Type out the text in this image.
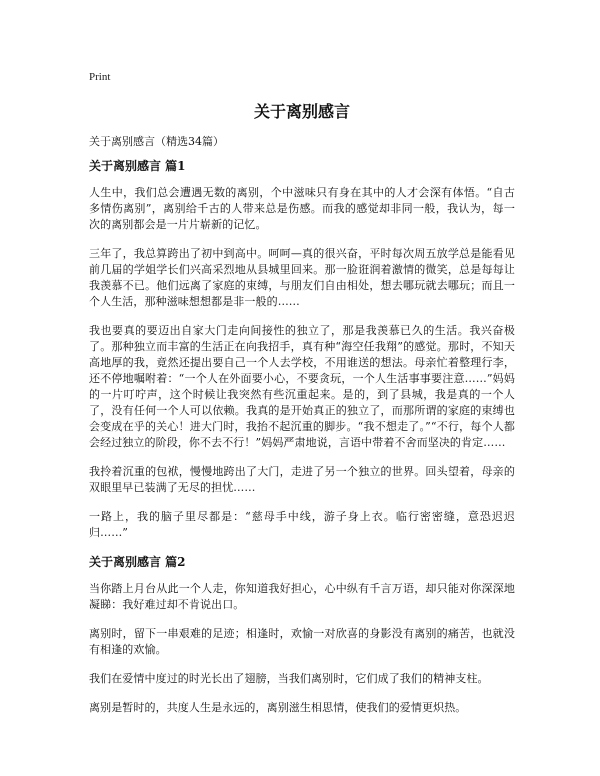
Print
关于离别感言
关于离别感言（精选34篇）
关于离别感言 篇1

人生中，我们总会遭遇无数的离别，个中滋味只有身在其中的人才会深有体悟。“自古多情伤离别”，离别给千古的人带来总是伤感。而我的感觉却非同一般，我认为，每一次的离别都会是一片片崭新的记忆。

三年了，我总算跨出了初中到高中。呵呵—真的很兴奋，平时每次周五放学总是能看见前几届的学姐学长们兴高采烈地从县城里回来。那一脸诳润着激情的微笑，总是每每让我羡慕不已。他们远离了家庭的束缚，与朋友们自由相处，想去哪玩就去哪玩；而且一个人生活，那种滋味想想都是非一般的……

我也要真的要迈出自家大门走向间接性的独立了，那是我羡慕已久的生活。我兴奋极了。那种独立而丰富的生活正在向我招手，真有种“海空任我翔”的感觉。那时，不知天高地厚的我，竟然还提出要自己一个人去学校，不用谁送的想法。母亲忙着整理行李，还不停地嘱咐着：“一个人在外面要小心，不要贪玩，一个人生活事事要注意……”妈妈的一片叮咛声，这个时候让我突然有些沉重起来。是的，到了县城，我是真的一个人了，没有任何一个人可以依赖。我真的是开始真正的独立了，而那所谓的家庭的束缚也会变成在乎的关心！进大门时，我抬不起沉重的脚步。“我不想走了。”“不行，每个人都会经过独立的阶段，你不去不行！”妈妈严肃地说，言语中带着不舍而坚决的肯定……

我拎着沉重的包袱，慢慢地跨出了大门，走进了另一个独立的世界。回头望着，母亲的双眼里早已装满了无尽的担忧……

一路上，我的脑子里尽都是：“慈母手中线，游子身上衣。临行密密缝，意恐迟迟归……”

关于离别感言 篇2

当你踏上月台从此一个人走，你知道我好担心，心中纵有千言万语，却只能对你深深地凝睇：我好难过却不肯说出口。

离别时，留下一串艰难的足迹；相逢时，欢愉一对欣喜的身影没有离别的痛苦，也就没有相逢的欢愉。

我们在爱情中度过的时光长出了翅膀，当我们离别时，它们成了我们的精神支柱。

离别是暂时的，共度人生是永远的，离别滋生相思情，使我们的爱情更炽热。
